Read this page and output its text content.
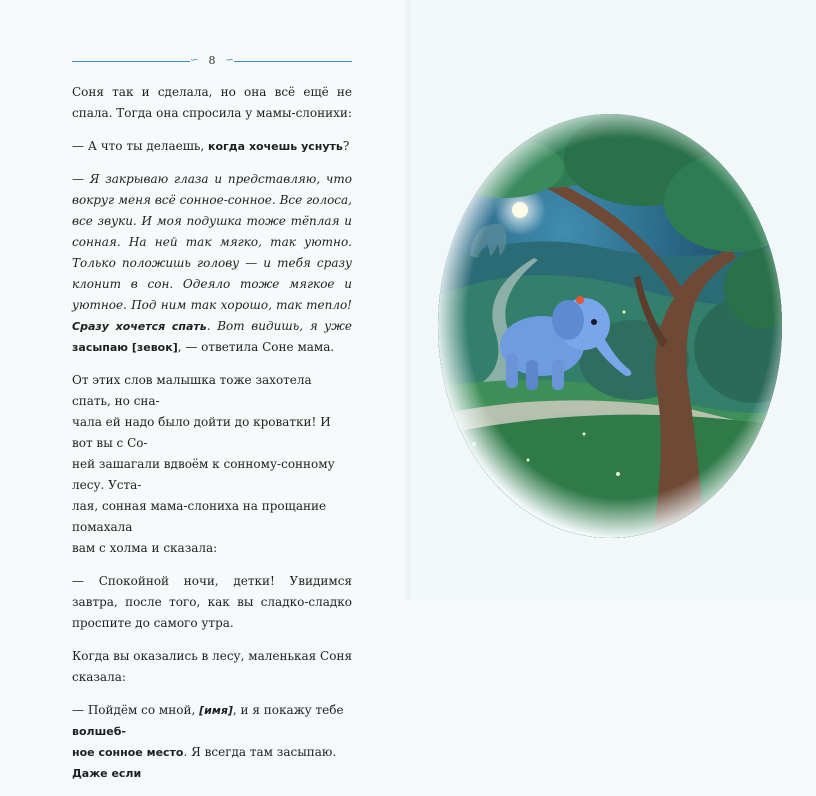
∽ 8	∽

Соня так и сделала, но она всё ещё не спала. Тогда она спросила у мамы-слонихи:

— А что ты делаешь, когда хочешь уснуть?

— Я закрываю глаза и представляю, что вокруг меня всё сонное-сонное. Все голоса, все звуки. И моя подушка тоже тёплая и сонная. На ней так мягко, так уютно. Только положишь голову — и тебя сразу клонит в сон. Одеяло тоже мягкое и уютное. Под ним так хорошо, так тепло! Сразу хочется спать. Вот видишь, я уже засыпаю [зевок], — ответила Соне мама.

От этих слов малышка тоже захотела спать, но сна-
чала ей надо было дойти до кроватки! И вот вы с Со-
ней зашагали вдвоём к сонному-сонному лесу. Уста-
лая, сонная мама-слониха на прощание помахала
вам с холма и сказала:

— Спокойной ночи, детки! Увидимся завтра, после того, как вы сладко-сладко проспите до самого утра.

Когда вы оказались в лесу, маленькая Соня сказала:

— Пойдём со мной, [имя], и я покажу тебе волшеб-
ное сонное место. Я всегда там засыпаю. Даже если
